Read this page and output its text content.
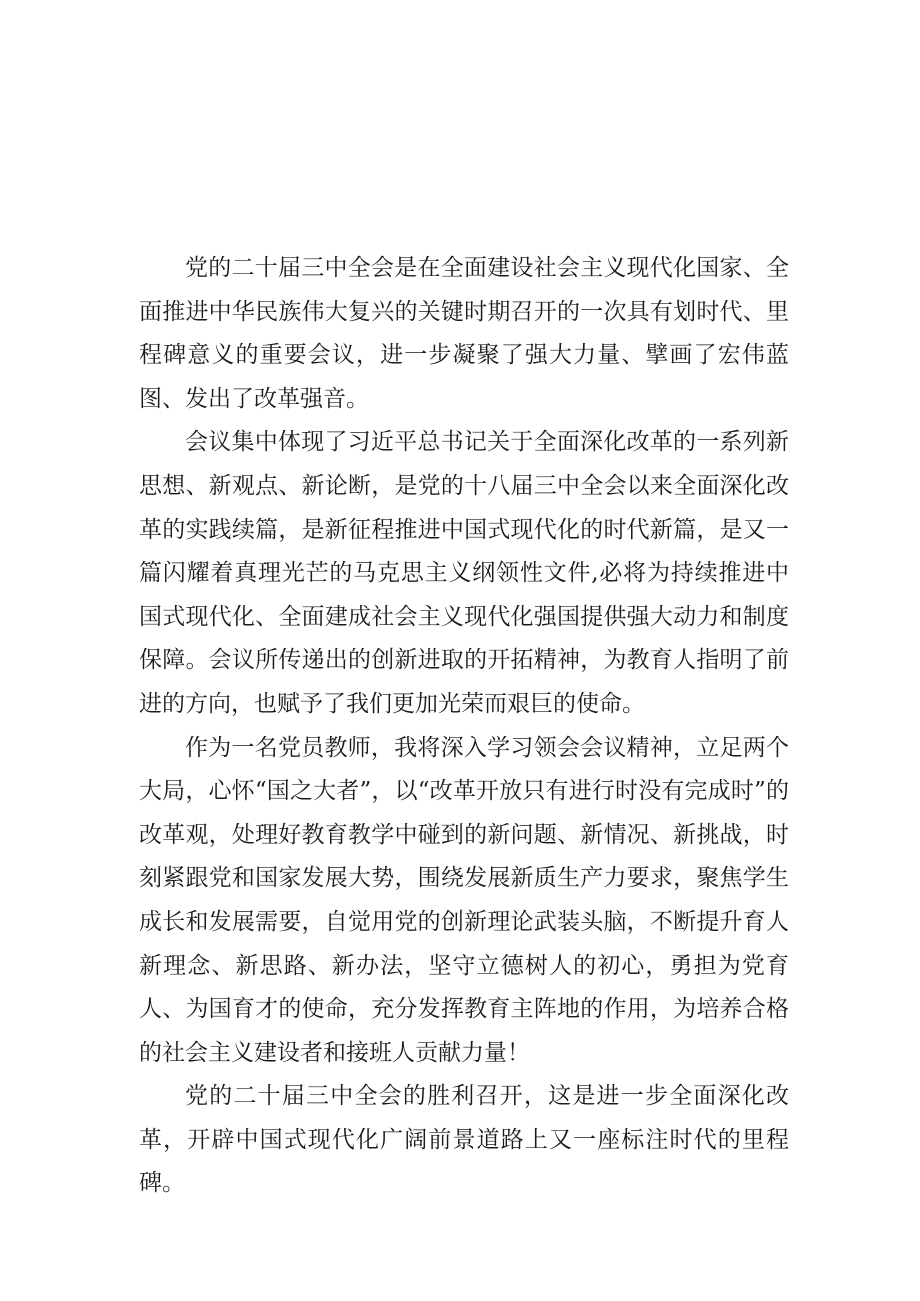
党的二十届三中全会是在全面建设社会主义现代化国家、全面推进中华民族伟大复兴的关键时期召开的一次具有划时代、里程碑意义的重要会议，进一步凝聚了强大力量、擘画了宏伟蓝图、发出了改革强音。

会议集中体现了习近平总书记关于全面深化改革的一系列新思想、新观点、新论断，是党的十八届三中全会以来全面深化改革的实践续篇，是新征程推进中国式现代化的时代新篇，是又一篇闪耀着真理光芒的马克思主义纲领性文件,必将为持续推进中国式现代化、全面建成社会主义现代化强国提供强大动力和制度保障。会议所传递出的创新进取的开拓精神，为教育人指明了前进的方向，也赋予了我们更加光荣而艰巨的使命。

作为一名党员教师，我将深入学习领会会议精神，立足两个大局，心怀“国之大者”，以“改革开放只有进行时没有完成时”的改革观，处理好教育教学中碰到的新问题、新情况、新挑战，时刻紧跟党和国家发展大势，围绕发展新质生产力要求，聚焦学生成长和发展需要，自觉用党的创新理论武装头脑，不断提升育人新理念、新思路、新办法，坚守立德树人的初心，勇担为党育人、为国育才的使命，充分发挥教育主阵地的作用，为培养合格的社会主义建设者和接班人贡献力量！

党的二十届三中全会的胜利召开，这是进一步全面深化改革，开辟中国式现代化广阔前景道路上又一座标注时代的里程碑。
